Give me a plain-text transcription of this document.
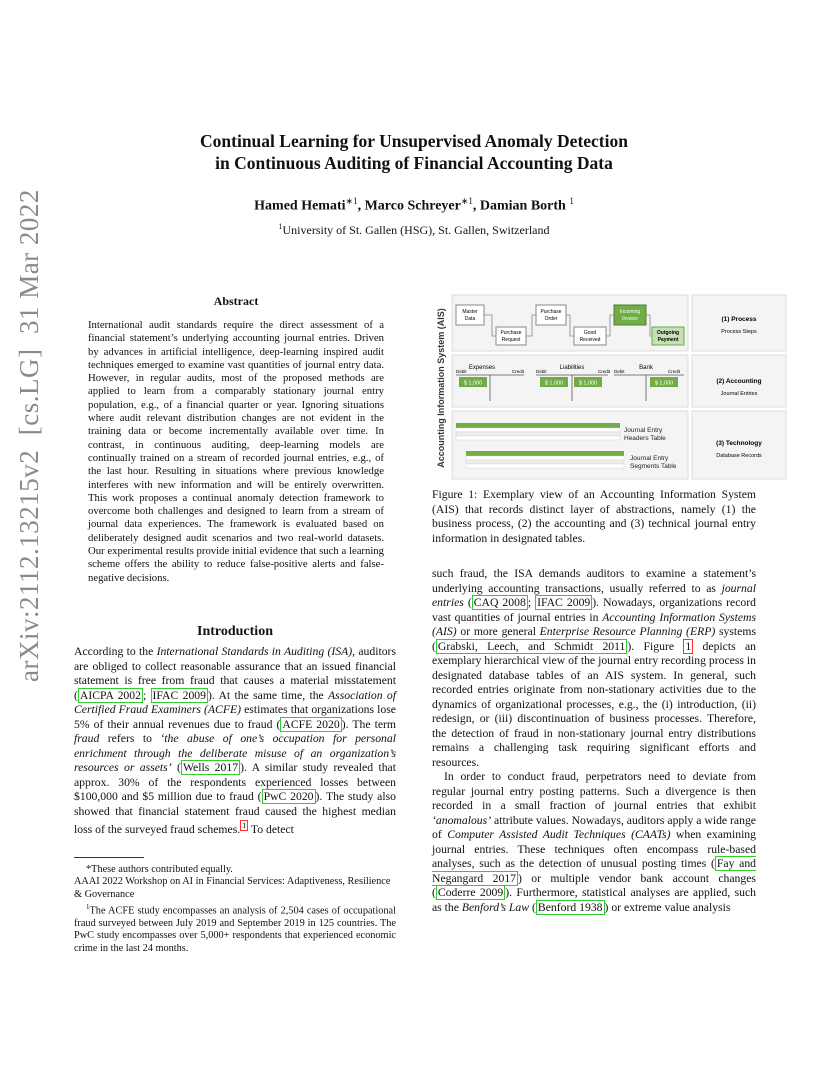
Continual Learning for Unsupervised Anomaly Detection
in Continuous Auditing of Financial Accounting Data
Hamed Hemati$^{∗1}$, Marco Schreyer$^{∗1}$, Damian Borth $^1$
$^1$University of St. Gallen (HSG), St. Gallen, Switzerland
arXiv:2112.13215v2  [cs.LG]  31 Mar 2022	Abstract
International audit standards require the direct assessment of a financial statement’s underlying accounting journal entries. Driven by advances in artificial intelligence, deep-learning inspired audit techniques emerged to examine vast quantities of journal entry data. However, in regular audits, most of the proposed methods are applied to learn from a comparably stationary journal entry population, e.g., of a financial quarter or year. Ignoring situations where audit relevant distribution changes are not evident in the training data or become incrementally available over time. In contrast, in continuous auditing, deep-learning models are continually trained on a stream of recorded journal entries, e.g., of the last hour. Resulting in situations where previous knowledge interferes with new information and will be entirely overwritten. This work proposes a continual anomaly detection framework to overcome both challenges and designed to learn from a stream of journal data experiences. The framework is evaluated based on deliberately designed audit scenarios and two real-world datasets. Our experimental results provide initial evidence that such a learning scheme offers the ability to reduce false-positive alerts and false-negative decisions.
Introduction

According to the International Standards in Auditing (ISA), auditors are obliged to collect reasonable assurance that an issued financial statement is free from fraud that causes a material misstatement ( AICPA 2002 ; IFAC 2009 ). At the same time, the Association of Certified Fraud Examiners (ACFE) estimates that organizations lose 5% of their annual revenues due to fraud ( ACFE 2020 ). The term fraud refers to ‘the abuse of one’s occupation for personal enrichment through the deliberate misuse of an organization’s resources or assets’ ( Wells 2017 ). A similar study revealed that approx. 30% of the respondents experienced losses between $100,000 and $5 million due to fraud ( PwC 2020 ). The study also showed that financial statement fraud caused the highest median loss of the surveyed fraud schemes. $^1$ To detect

*These authors contributed equally.

AAAI 2022 Workshop on AI in Financial Services: Adaptiveness, Resilience & Governance

$^1$The ACFE study encompasses an analysis of 2,504 cases of occupational fraud surveyed between July 2019 and September 2019 in 125 countries. The PwC study encompasses over 5,000+ respondents that experienced economic crime in the last 24 months.

Accounting Information System (AIS)	Master
Data
Purchase
Request
Purchase
Order
Good
Received
Incoming
Invoice
Outgoing
Payment
Expenses
Debit	Credit
$ 1,000
Liabilities
Debit	Credit
$ 1,000	$ 1,000
Bank
Debit	Credit
$ 1,000
Journal Entry Headers Table
Journal Entry Segments Table
(1) Process
Process Steps
(2) Accounting
Journal Entries
(3) Technology
Database Records
Figure 1: Exemplary view of an Accounting Information System (AIS) that records distinct layer of abstractions, namely (1) the business process, (2) the accounting and (3) technical journal entry information in designated tables.

such fraud, the ISA demands auditors to examine a statement’s underlying accounting transactions, usually referred to as journal entries ( CAQ 2008 ; IFAC 2009 ). Nowadays, organizations record vast quantities of journal entries in Accounting Information Systems (AIS) or more general Enterprise Resource Planning (ERP) systems ( Grabski, Leech, and Schmidt 2011 ). Figure 1 depicts an exemplary hierarchical view of the journal entry recording process in designated database tables of an AIS system. In general, such recorded entries originate from non-stationary activities due to the dynamics of organizational processes, e.g., the (i) introduction, (ii) redesign, or (iii) discontinuation of business processes. Therefore, the detection of fraud in non-stationary journal entry distributions remains a challenging task requiring significant efforts and resources.

In order to conduct fraud, perpetrators need to deviate from regular journal entry posting patterns. Such a divergence is then recorded in a small fraction of journal entries that exhibit ‘anomalous’ attribute values. Nowadays, auditors apply a wide range of Computer Assisted Audit Techniques (CAATs) when examining journal entries. These techniques often encompass rule-based analyses, such as the detection of unusual posting times ( Fay and Negangard 2017 ) or multiple vendor bank account changes ( Coderre 2009 ). Furthermore, statistical analyses are applied, such as the Benford’s Law ( Benford 1938 ) or extreme value analysis
